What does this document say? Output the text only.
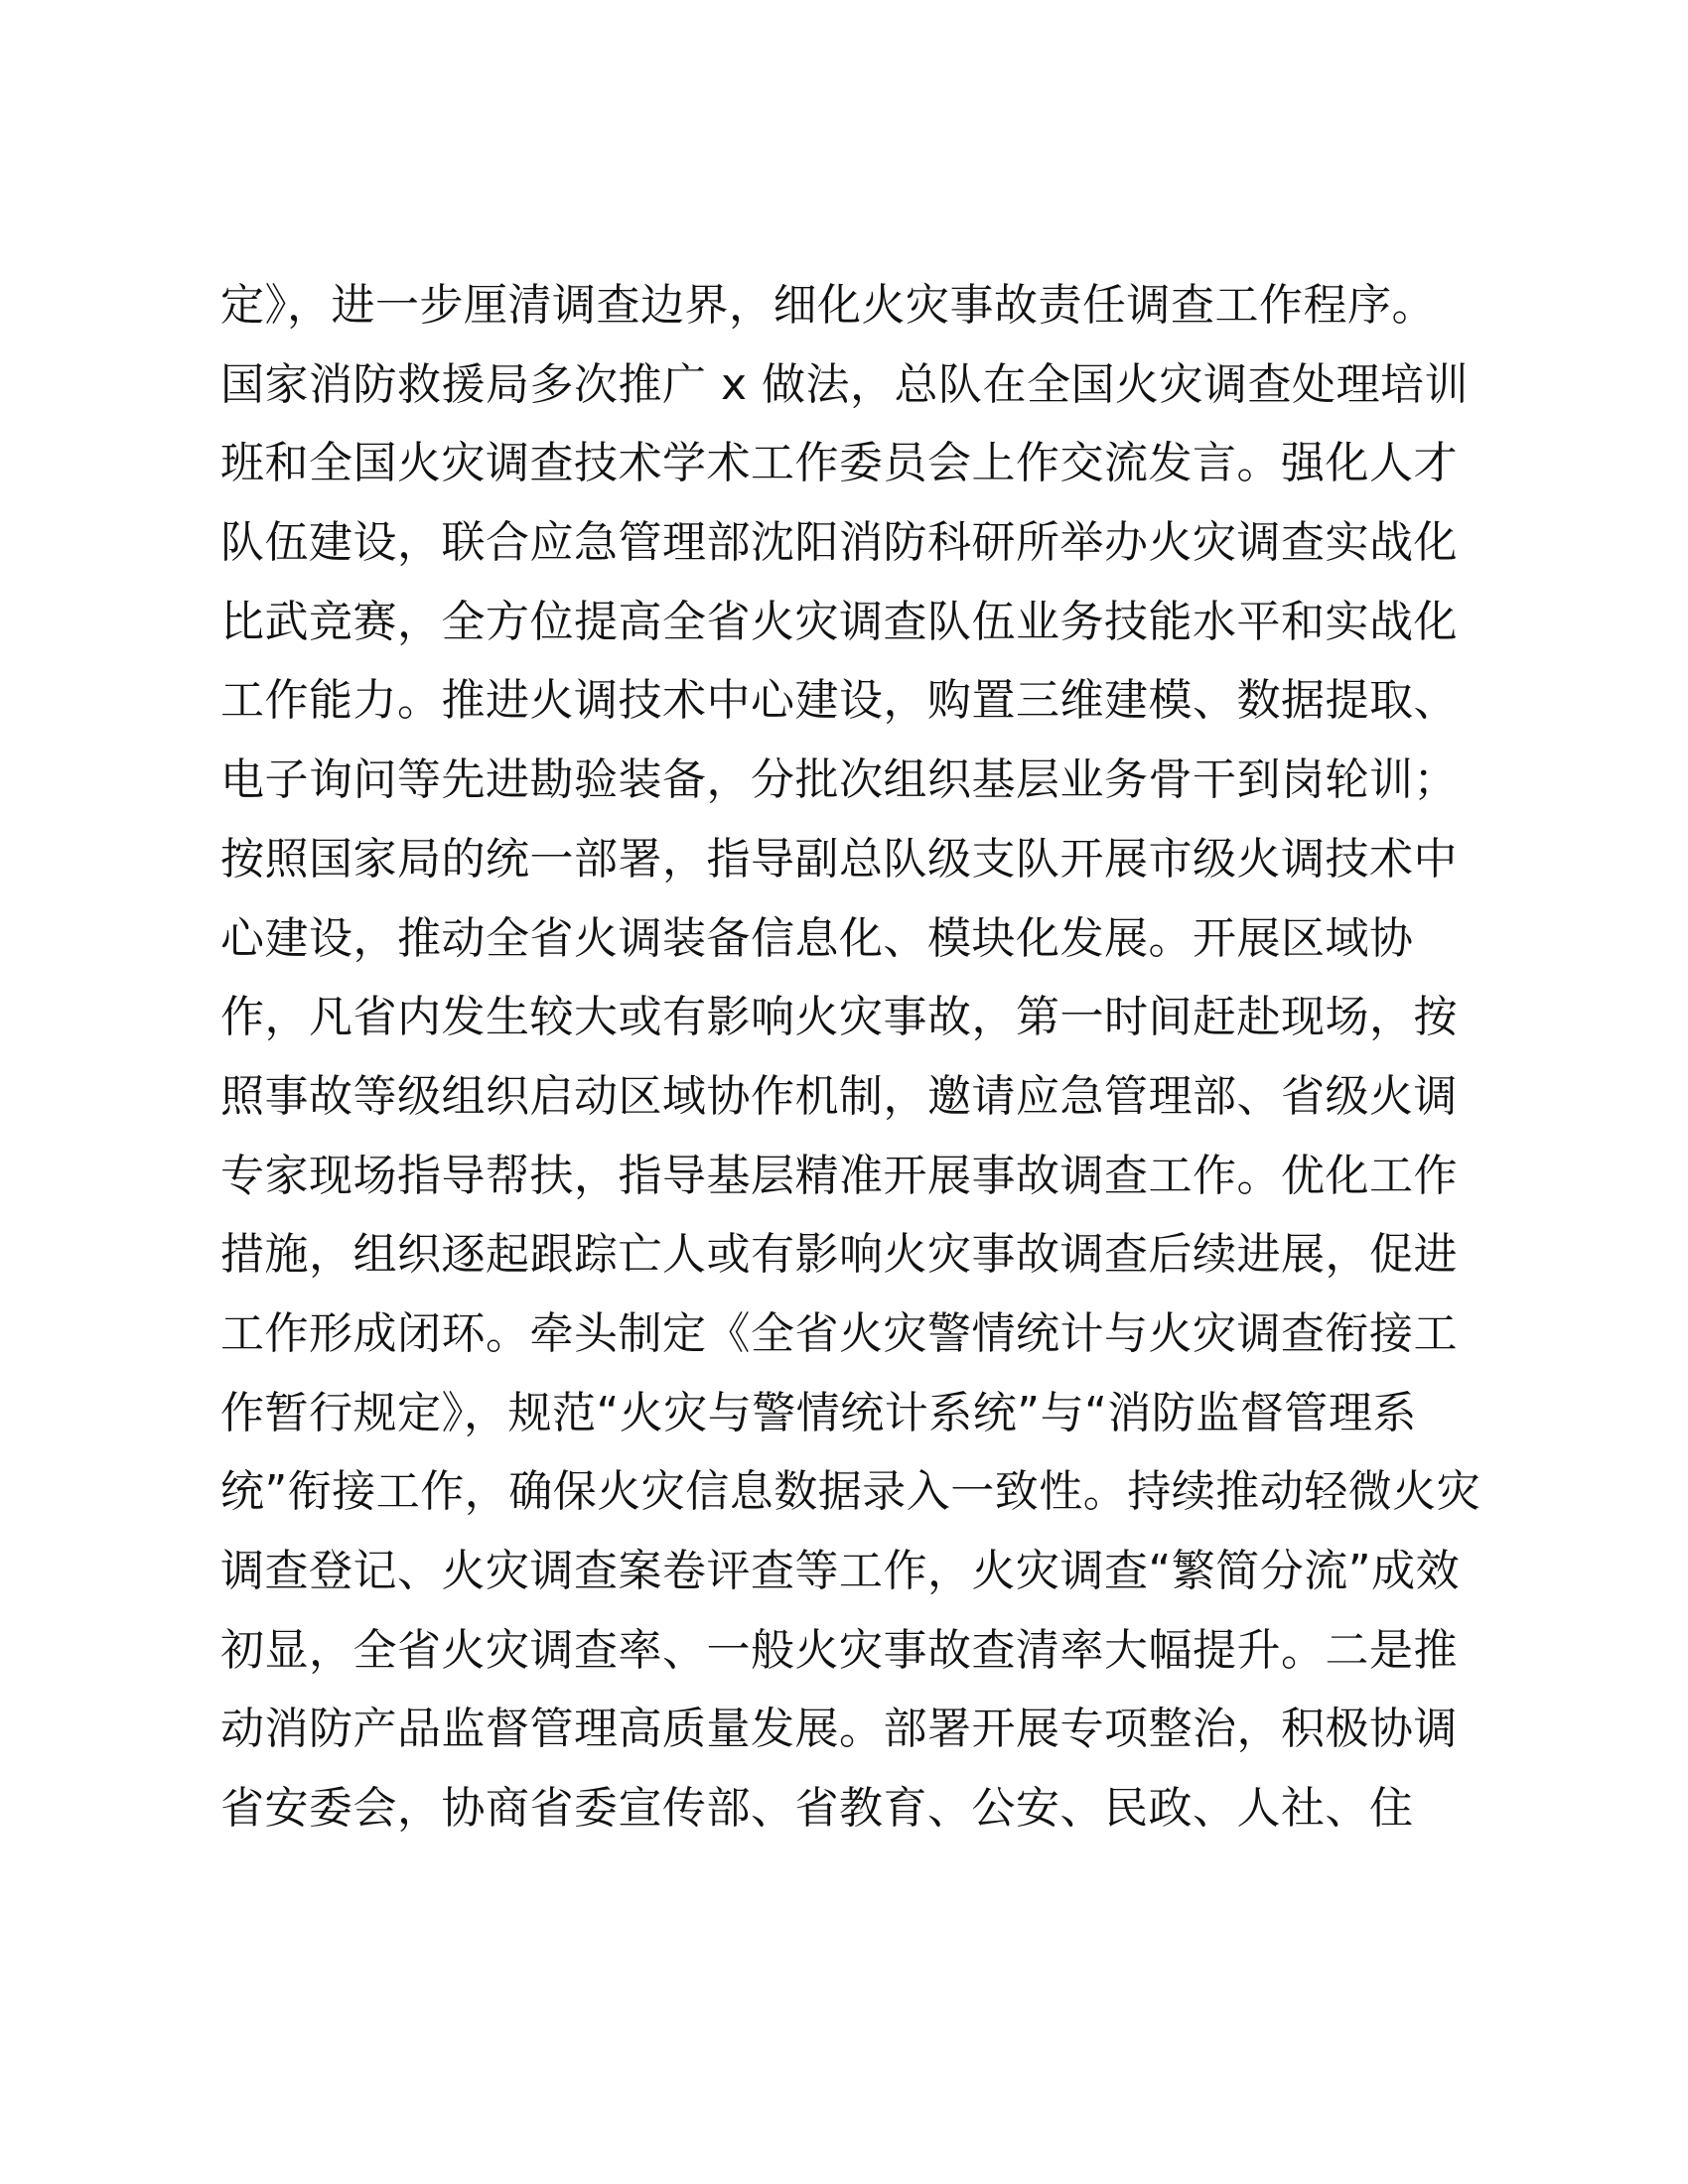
定》，进一步厘清调查边界，细化火灾事故责任调查工作程序。
国家消防救援局多次推广 x 做法，总队在全国火灾调查处理培训
班和全国火灾调查技术学术工作委员会上作交流发言。强化人才
队伍建设，联合应急管理部沈阳消防科研所举办火灾调查实战化
比武竞赛，全方位提高全省火灾调查队伍业务技能水平和实战化
工作能力。推进火调技术中心建设，购置三维建模、数据提取、
电子询问等先进勘验装备，分批次组织基层业务骨干到岗轮训；
按照国家局的统一部署，指导副总队级支队开展市级火调技术中
心建设，推动全省火调装备信息化、模块化发展。开展区域协
作，凡省内发生较大或有影响火灾事故，第一时间赶赴现场，按
照事故等级组织启动区域协作机制，邀请应急管理部、省级火调
专家现场指导帮扶，指导基层精准开展事故调查工作。优化工作
措施，组织逐起跟踪亡人或有影响火灾事故调查后续进展，促进
工作形成闭环。牵头制定《全省火灾警情统计与火灾调查衔接工
作暂行规定》，规范“火灾与警情统计系统”与“消防监督管理系
统”衔接工作，确保火灾信息数据录入一致性。持续推动轻微火灾
调查登记、火灾调查案卷评查等工作，火灾调查“繁简分流”成效
初显，全省火灾调查率、一般火灾事故查清率大幅提升。二是推
动消防产品监督管理高质量发展。部署开展专项整治，积极协调
省安委会，协商省委宣传部、省教育、公安、民政、人社、住
